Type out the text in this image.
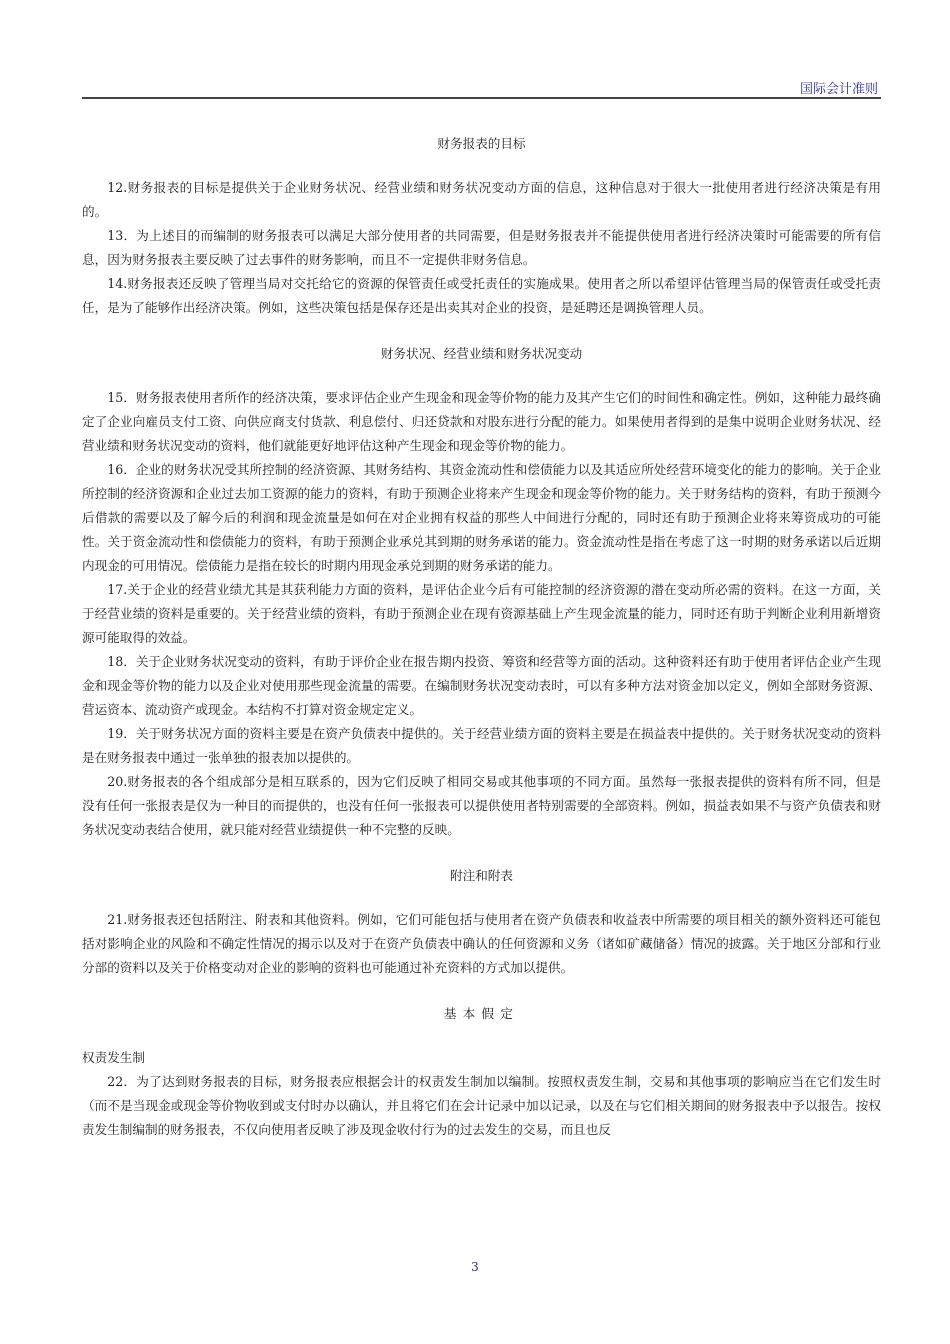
国际会计准则

财务报表的目标

12.财务报表的目标是提供关于企业财务状况、经营业绩和财务状况变动方面的信息，这种信息对于很大一批使用者进行经济决策是有用的。

13．为上述目的而编制的财务报表可以满足大部分使用者的共同需要，但是财务报表并不能提供使用者进行经济决策时可能需要的所有信息，因为财务报表主要反映了过去事件的财务影响，而且不一定提供非财务信息。

14.财务报表还反映了管理当局对交托给它的资源的保管责任或受托责任的实施成果。使用者之所以希望评估管理当局的保管责任或受托责任，是为了能够作出经济决策。例如，这些决策包括是保存还是出卖其对企业的投资，是延聘还是调换管理人员。

财务状况、经营业绩和财务状况变动

15．财务报表使用者所作的经济决策，要求评估企业产生现金和现金等价物的能力及其产生它们的时间性和确定性。例如，这种能力最终确定了企业向雇员支付工资、向供应商支付货款、利息偿付、归还贷款和对股东进行分配的能力。如果使用者得到的是集中说明企业财务状况、经营业绩和财务状况变动的资料，他们就能更好地评估这种产生现金和现金等价物的能力。

16．企业的财务状况受其所控制的经济资源、其财务结构、其资金流动性和偿债能力以及其适应所处经营环境变化的能力的影响。关于企业所控制的经济资源和企业过去加工资源的能力的资料，有助于预测企业将来产生现金和现金等价物的能力。关于财务结构的资料，有助于预测今后借款的需要以及了解今后的利润和现金流量是如何在对企业拥有权益的那些人中间进行分配的，同时还有助于预测企业将来筹资成功的可能性。关于资金流动性和偿债能力的资料，有助于预测企业承兑其到期的财务承诺的能力。资金流动性是指在考虑了这一时期的财务承诺以后近期内现金的可用情况。偿债能力是指在较长的时期内用现金承兑到期的财务承诺的能力。

17.关于企业的经营业绩尤其是其获利能力方面的资料，是评估企业今后有可能控制的经济资源的潜在变动所必需的资料。在这一方面，关于经营业绩的资料是重要的。关于经营业绩的资料，有助于预测企业在现有资源基础上产生现金流量的能力，同时还有助于判断企业利用新增资源可能取得的效益。

18．关于企业财务状况变动的资料，有助于评价企业在报告期内投资、筹资和经营等方面的活动。这种资料还有助于使用者评估企业产生现金和现金等价物的能力以及企业对使用那些现金流量的需要。在编制财务状况变动表时，可以有多种方法对资金加以定义，例如全部财务资源、营运资本、流动资产或现金。本结构不打算对资金规定定义。

19．关于财务状况方面的资料主要是在资产负债表中提供的。关于经营业绩方面的资料主要是在损益表中提供的。关于财务状况变动的资料是在财务报表中通过一张单独的报表加以提供的。

20.财务报表的各个组成部分是相互联系的，因为它们反映了相同交易或其他事项的不同方面。虽然每一张报表提供的资料有所不同，但是没有任何一张报表是仅为一种目的而提供的，也没有任何一张报表可以提供使用者特别需要的全部资料。例如，损益表如果不与资产负债表和财务状况变动表结合使用，就只能对经营业绩提供一种不完整的反映。

附注和附表

21.财务报表还包括附注、附表和其他资料。例如，它们可能包括与使用者在资产负债表和收益表中所需要的项目相关的额外资料还可能包括对影响企业的风险和不确定性情况的揭示以及对于在资产负债表中确认的任何资源和义务（诸如矿藏储备）情况的披露。关于地区分部和行业分部的资料以及关于价格变动对企业的影响的资料也可能通过补充资料的方式加以提供。

基本假定

权责发生制

22．为了达到财务报表的目标，财务报表应根据会计的权责发生制加以编制。按照权责发生制，交易和其他事项的影响应当在它们发生时（而不是当现金或现金等价物收到或支付时办以确认，并且将它们在会计记录中加以记录，以及在与它们相关期间的财务报表中予以报告。按权责发生制编制的财务报表，不仅向使用者反映了涉及现金收付行为的过去发生的交易，而且也反

3
